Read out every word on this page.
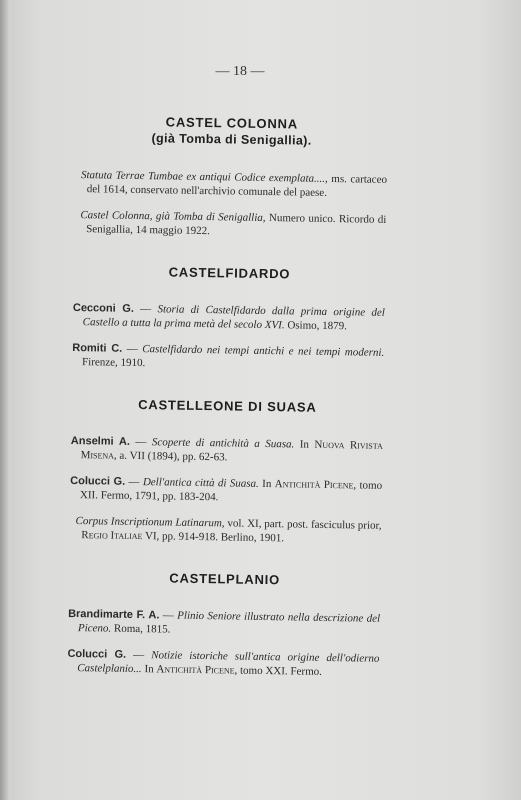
— 18 —
CASTEL COLONNA
(già Tomba di Senigallia).
Statuta Terrae Tumbae ex antiqui Codice exemplata...., ms. cartaceo del 1614, conservato nell'archivio comunale del paese.
Castel Colonna, già Tomba di Senigallia, Numero unico. Ricordo di Senigallia, 14 maggio 1922.
CASTELFIDARDO
Cecconi G. — Storia di Castelfidardo dalla prima origine del Castello a tutta la prima metà del secolo XVI. Osimo, 1879.
Romiti C. — Castelfidardo nei tempi antichi e nei tempi moderni. Firenze, 1910.
CASTELLEONE DI SUASA
Anselmi A. — Scoperte di antichità a Suasa. In Nuova Rivista Misena, a. VII (1894), pp. 62-63.
Colucci G. — Dell'antica città di Suasa. In Antichità Picene, tomo XII. Fermo, 1791, pp. 183-204.
Corpus Inscriptionum Latinarum, vol. XI, part. post. fasciculus prior, Regio Italiae VI, pp. 914-918. Berlino, 1901.
CASTELPLANIO
Brandimarte F. A. — Plinio Seniore illustrato nella descrizione del Piceno. Roma, 1815.
Colucci G. — Notizie istoriche sull'antica origine dell'odierno Castelplanio... In Antichità Picene, tomo XXI. Fermo.
